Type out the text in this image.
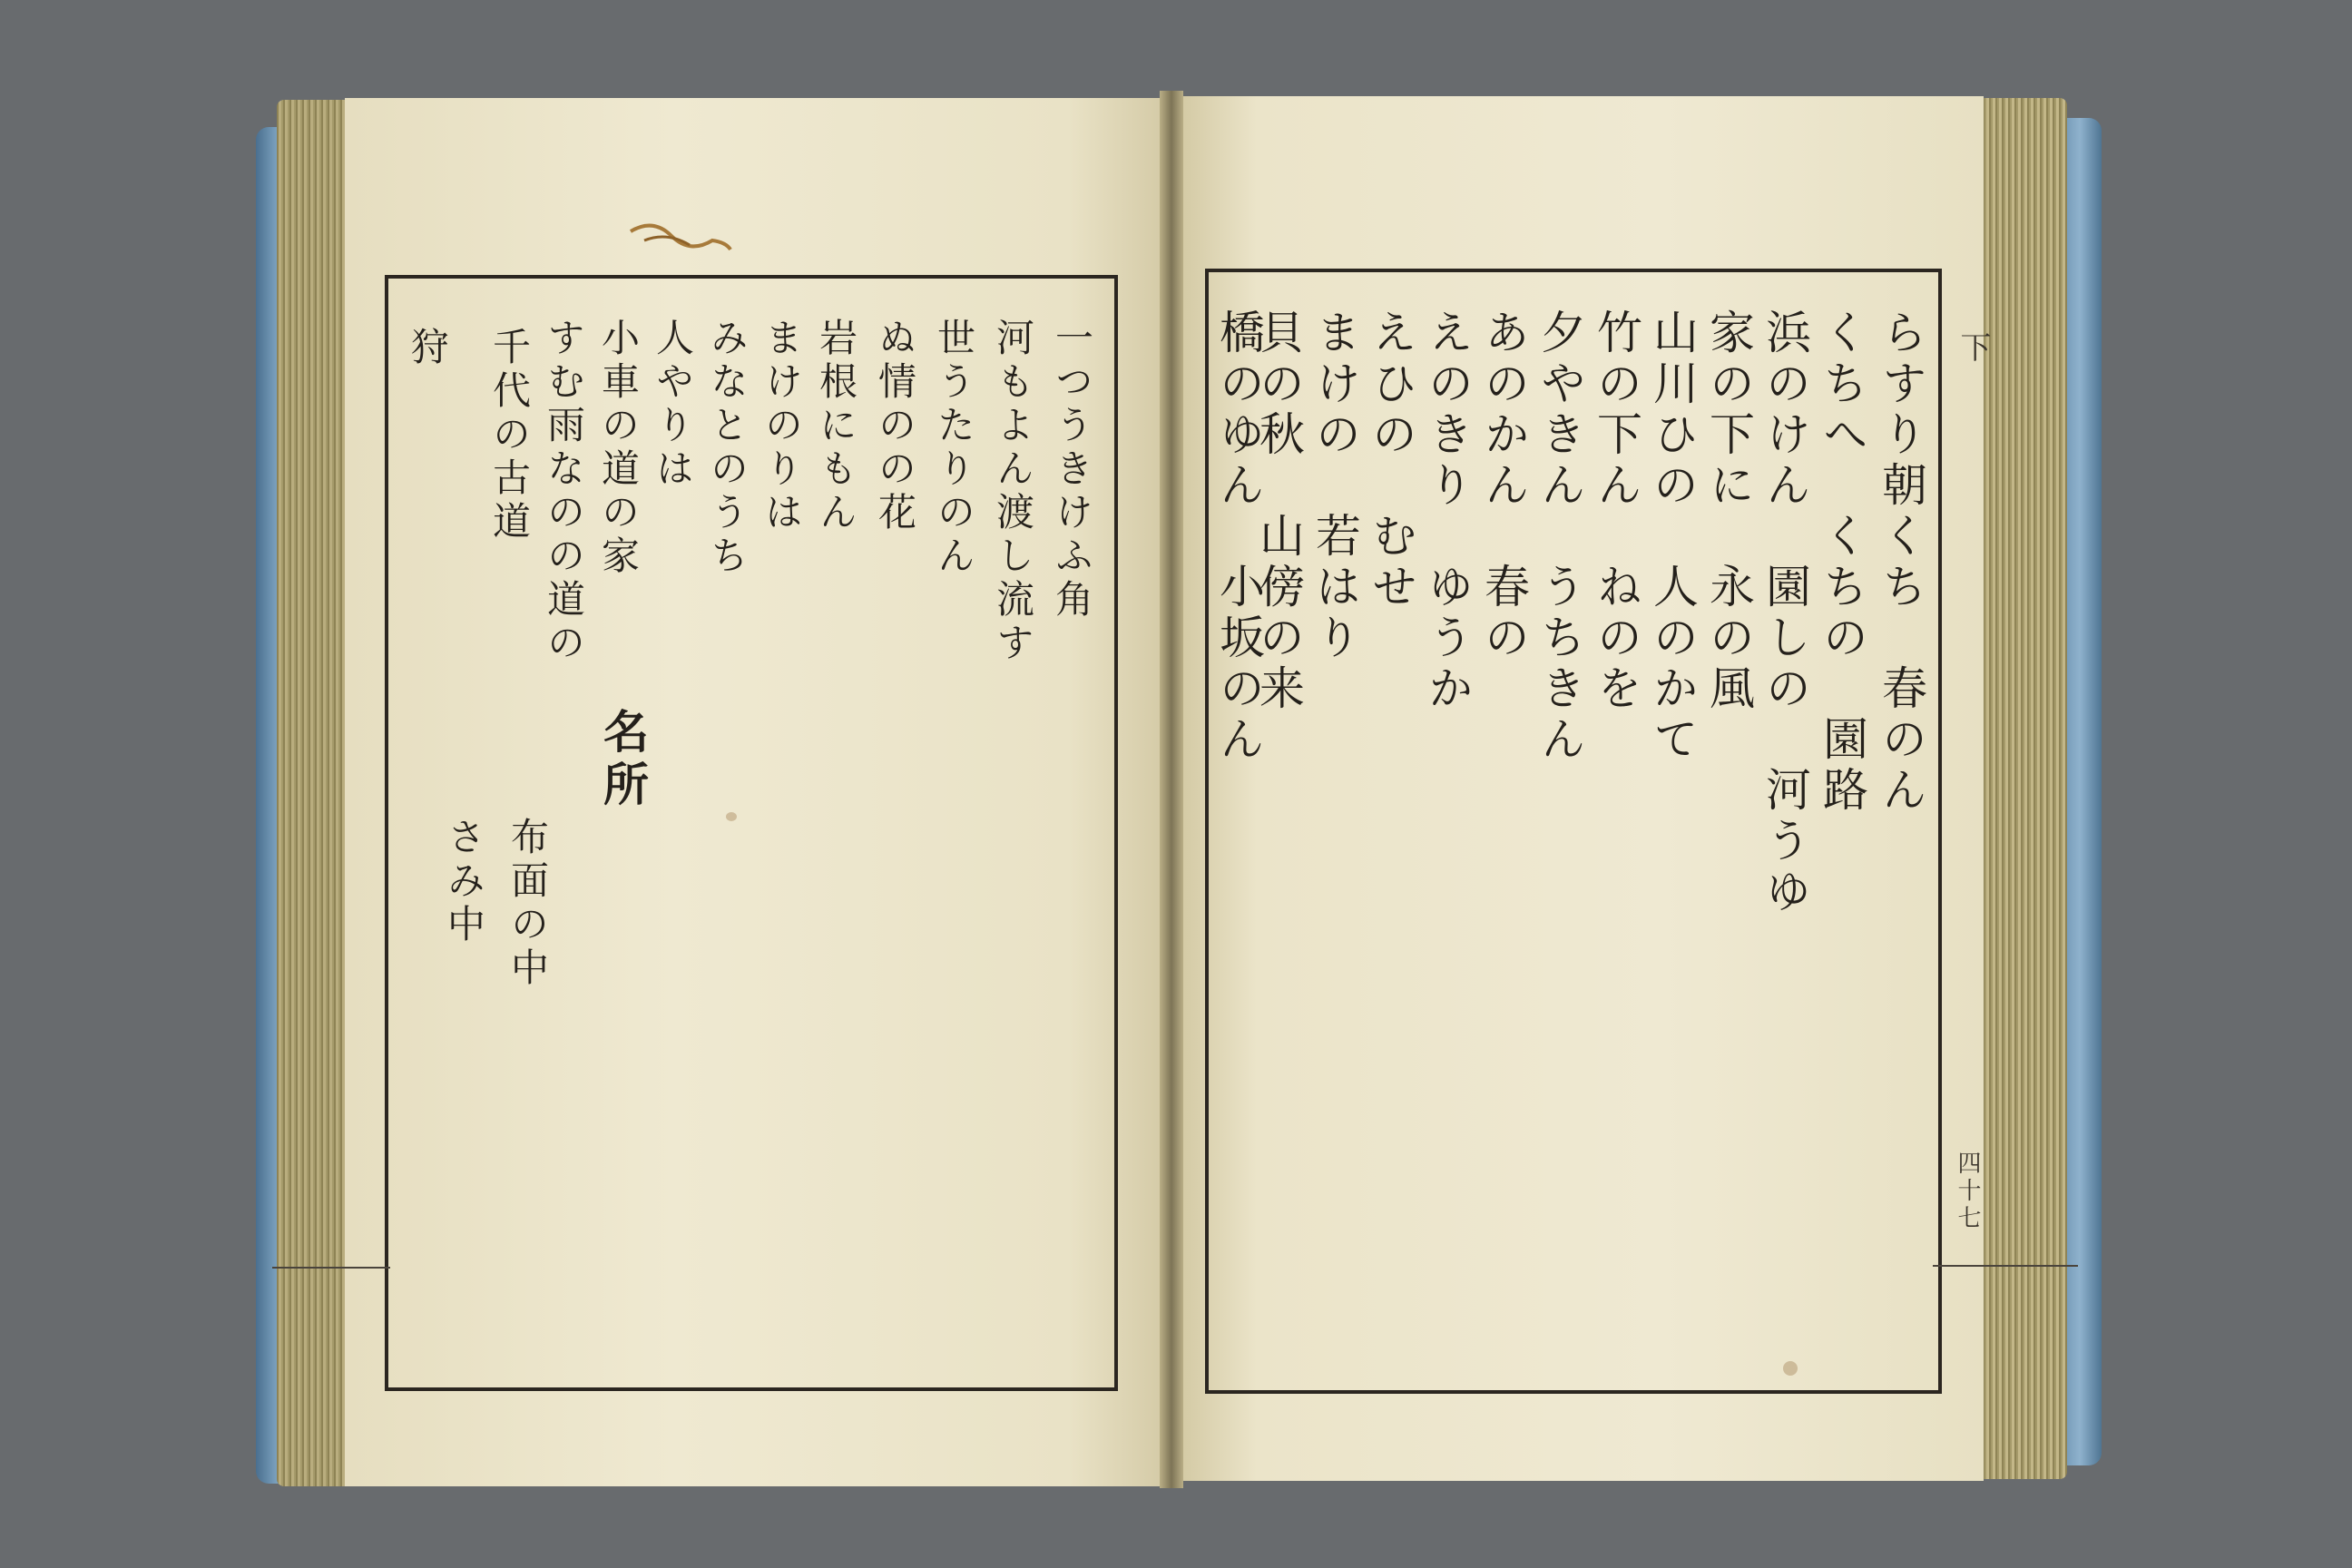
名所
一つうきけふ角
河もよん渡し流す
世うたりのん
ぬ情のの花
岩根にもん
まけのりは
みなとのうち
人やりは
小車の道の家
すむ雨なのの道の
布面の中
千代の古道
さみ中
狩	らすり朝くち　春のん
くちへ　くちの　園路
浜のけん　園しの　河うゆ
家の下に　永の風
山川ひの　人のかて
竹の下ん　ねのを
夕やきん　うちきん
あのかん　春の
えのきり　ゆうか
えひの　むせ
まけの　若はり
貝の秋　山傍の来
橋のゆん　小坂のん	下
四十七
